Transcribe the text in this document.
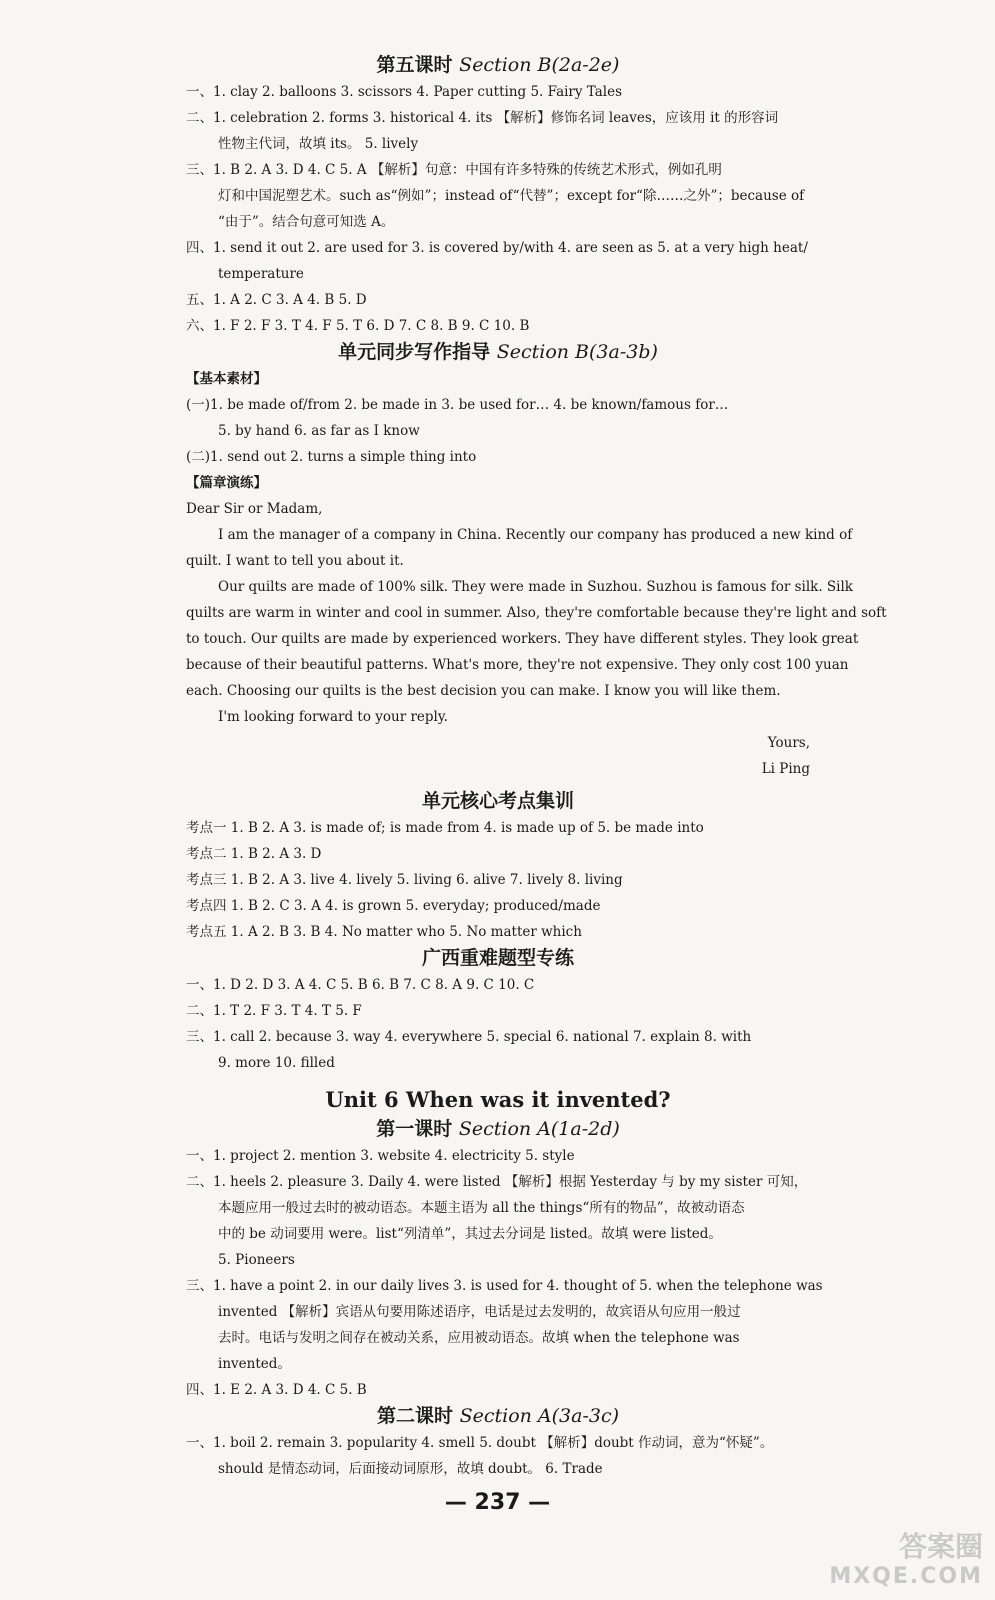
第五课时 Section B(2a-2e)
一、1. clay 2. balloons 3. scissors 4. Paper cutting 5. Fairy Tales
二、1. celebration 2. forms 3. historical 4. its 【解析】修饰名词 leaves，应该用 it 的形容词
性物主代词，故填 its。 5. lively
三、1. B 2. A 3. D 4. C 5. A 【解析】句意：中国有许多特殊的传统艺术形式，例如孔明
灯和中国泥塑艺术。such as“例如”；instead of“代替”；except for“除……之外”；because of
“由于”。结合句意可知选 A。
四、1. send it out 2. are used for 3. is covered by/with 4. are seen as 5. at a very high heat/
temperature
五、1. A 2. C 3. A 4. B 5. D
六、1. F 2. F 3. T 4. F 5. T 6. D 7. C 8. B 9. C 10. B
单元同步写作指导 Section B(3a-3b)
【基本素材】
(一)1. be made of/from 2. be made in 3. be used for… 4. be known/famous for…
5. by hand 6. as far as I know
(二)1. send out 2. turns a simple thing into
【篇章演练】
Dear Sir or Madam,
I am the manager of a company in China. Recently our company has produced a new kind of
quilt. I want to tell you about it.
Our quilts are made of 100% silk. They were made in Suzhou. Suzhou is famous for silk. Silk
quilts are warm in winter and cool in summer. Also, they're comfortable because they're light and soft
to touch. Our quilts are made by experienced workers. They have different styles. They look great
because of their beautiful patterns. What's more, they're not expensive. They only cost 100 yuan
each. Choosing our quilts is the best decision you can make. I know you will like them.
I'm looking forward to your reply.
Yours,
Li Ping
单元核心考点集训
考点一 1. B 2. A 3. is made of; is made from 4. is made up of 5. be made into
考点二 1. B 2. A 3. D
考点三 1. B 2. A 3. live 4. lively 5. living 6. alive 7. lively 8. living
考点四 1. B 2. C 3. A 4. is grown 5. everyday; produced/made
考点五 1. A 2. B 3. B 4. No matter who 5. No matter which
广西重难题型专练
一、1. D 2. D 3. A 4. C 5. B 6. B 7. C 8. A 9. C 10. C
二、1. T 2. F 3. T 4. T 5. F
三、1. call 2. because 3. way 4. everywhere 5. special 6. national 7. explain 8. with
9. more 10. filled
Unit 6 When was it invented?
第一课时 Section A(1a-2d)
一、1. project 2. mention 3. website 4. electricity 5. style
二、1. heels 2. pleasure 3. Daily 4. were listed 【解析】根据 Yesterday 与 by my sister 可知，
本题应用一般过去时的被动语态。本题主语为 all the things“所有的物品”，故被动语态
中的 be 动词要用 were。list“列清单”，其过去分词是 listed。故填 were listed。
5. Pioneers
三、1. have a point 2. in our daily lives 3. is used for 4. thought of 5. when the telephone was
invented 【解析】宾语从句要用陈述语序，电话是过去发明的，故宾语从句应用一般过
去时。电话与发明之间存在被动关系，应用被动语态。故填 when the telephone was
invented。
四、1. E 2. A 3. D 4. C 5. B
第二课时 Section A(3a-3c)
一、1. boil 2. remain 3. popularity 4. smell 5. doubt 【解析】doubt 作动词，意为“怀疑”。
should 是情态动词，后面接动词原形，故填 doubt。 6. Trade
— 237 —
答案圈
MXQE.COM
